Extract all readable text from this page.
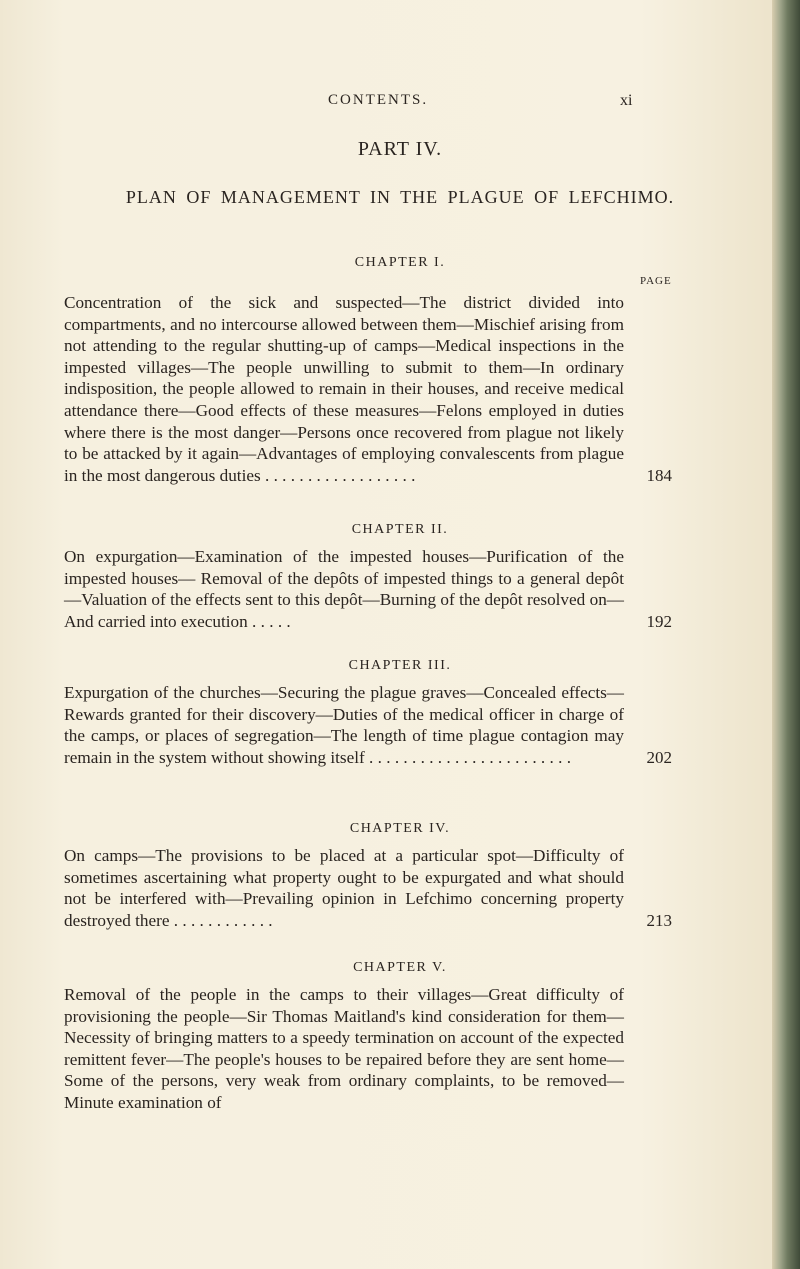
CONTENTS.	xi
PART IV.
PLAN OF MANAGEMENT IN THE PLAGUE OF LEFCHIMO.
CHAPTER I.
PAGE
Concentration of the sick and suspected—The district divided into compartments, and no intercourse allowed between them—Mischief arising from not attending to the regular shutting-up of camps—Medical inspections in the impested villages—The people unwilling to submit to them—In ordinary indisposition, the people allowed to remain in their houses, and receive medical attendance there—Good effects of these measures—Felons employed in duties where there is the most danger—Persons once recovered from plague not likely to be attacked by it again—Advantages of employing convalescents from plague in the most dangerous duties . . . . . . . . . . . . . . . . . .	184
CHAPTER II.
On expurgation—Examination of the impested houses—Purification of the impested houses— Removal of the depôts of impested things to a general depôt—Valuation of the effects sent to this depôt—Burning of the depôt resolved on—And carried into execution . . . . .	192
CHAPTER III.
Expurgation of the churches—Securing the plague graves—Concealed effects—Rewards granted for their discovery—Duties of the medical officer in charge of the camps, or places of segregation—The length of time plague contagion may remain in the system without showing itself . . . . . . . . . . . . . . . . . . . . . . . .	202
CHAPTER IV.
On camps—The provisions to be placed at a particular spot—Difficulty of sometimes ascertaining what property ought to be expurgated and what should not be interfered with—Prevailing opinion in Lefchimo concerning property destroyed there . . . . . . . . . . . .	213
CHAPTER V.
Removal of the people in the camps to their villages—Great difficulty of provisioning the people—Sir Thomas Maitland's kind consideration for them—Necessity of bringing matters to a speedy termination on account of the expected remittent fever—The people's houses to be repaired before they are sent home—Some of the persons, very weak from ordinary complaints, to be removed—Minute examination of
